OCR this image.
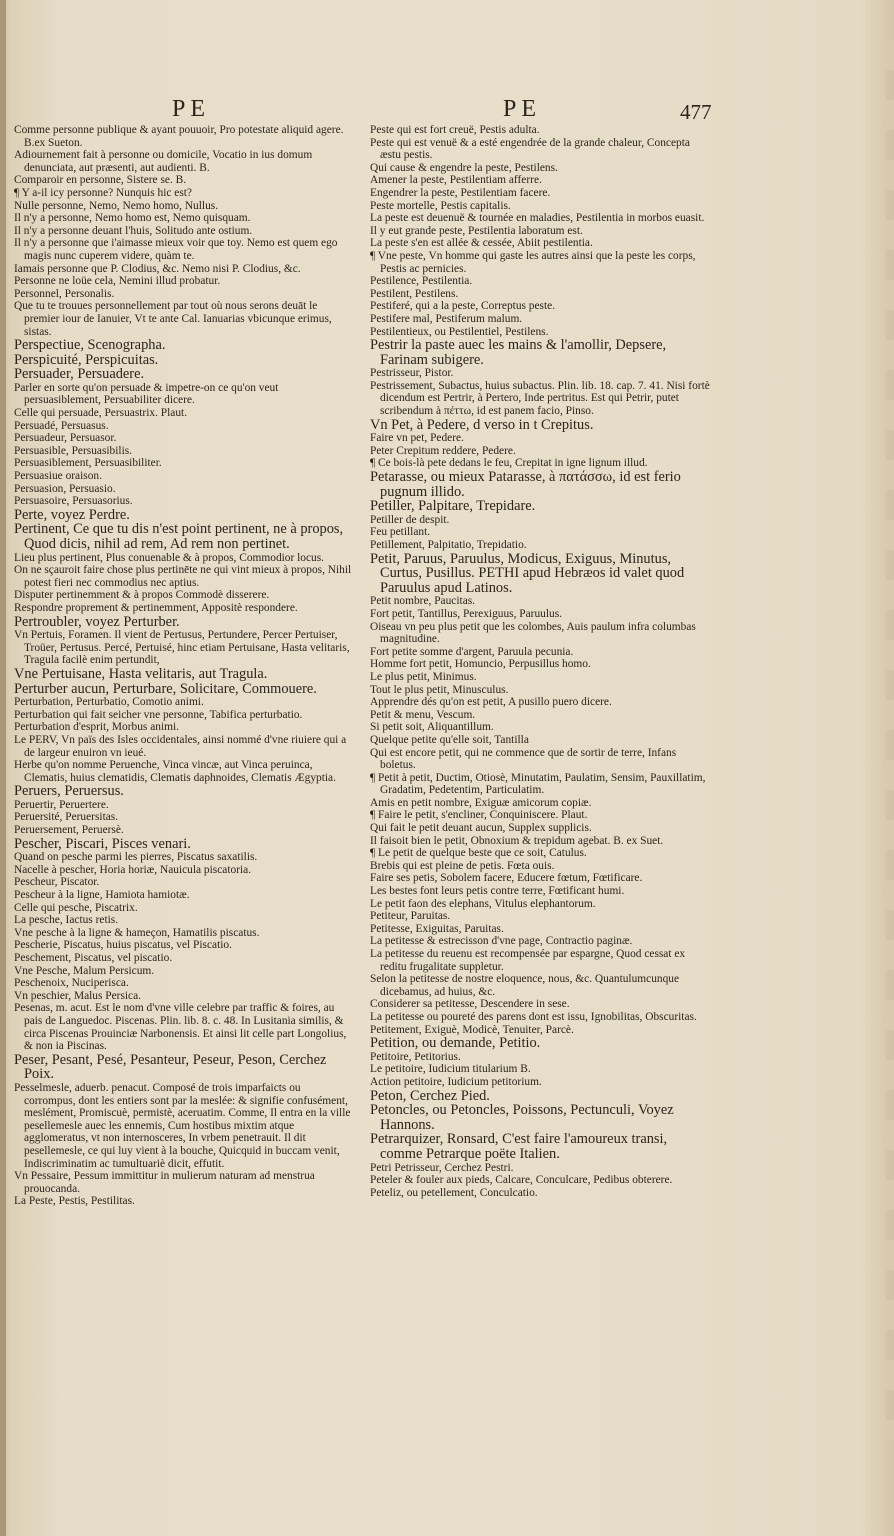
PE	PE	477

Comme personne publique & ayant pouuoir, Pro potestate aliquid agere. B.ex Sueton.

Adiournement fait à personne ou domicile, Vocatio in ius domum denunciata, aut præsenti, aut audienti. B.

Comparoir en personne, Sistere se. B.

¶ Y a-il icy personne? Nunquis hic est?

Nulle personne, Nemo, Nemo homo, Nullus.

Il n'y a personne, Nemo homo est, Nemo quisquam.

Il n'y a personne deuant l'huis, Solitudo ante ostium.

Il n'y a personne que i'aimasse mieux voir que toy. Nemo est quem ego magis nunc cuperem videre, quàm te.

Iamais personne que P. Clodius, &c. Nemo nisi P. Clodius, &c.

Personne ne loüe cela, Nemini illud probatur.

Personnel, Personalis.

Que tu te trouues personnellement par tout où nous serons deuāt le premier iour de Ianuier, Vt te ante Cal. Ianuarias vbicunque erimus, sistas.

Perspectiue, Scenographa.

Perspicuité, Perspicuitas.

Persuader, Persuadere.

Parler en sorte qu'on persuade & impetre-on ce qu'on veut persuasiblement, Persuabiliter dicere.

Celle qui persuade, Persuastrix. Plaut.

Persuadé, Persuasus.

Persuadeur, Persuasor.

Persuasible, Persuasibilis.

Persuasiblement, Persuasibiliter.

Persuasiue oraison.

Persuasion, Persuasio.

Persuasoire, Persuasorius.

Perte, voyez Perdre.

Pertinent, Ce que tu dis n'est point pertinent, ne à propos, Quod dicis, nihil ad rem, Ad rem non pertinet.

Lieu plus pertinent, Plus conuenable & à propos, Commodior locus.

On ne sçauroit faire chose plus pertinēte ne qui vint mieux à propos, Nihil potest fieri nec commodius nec aptius.

Disputer pertinemment & à propos Commodè disserere.

Respondre proprement & pertinemment, Appositè respondere.

Pertroubler, voyez Perturber.

Vn Pertuis, Foramen. Il vient de Pertusus, Pertundere, Percer Pertuiser, Troüer, Pertusus. Percé, Pertuisé, hinc etiam Pertuisane, Hasta velitaris, Tragula facilè enim pertundit,

Vne Pertuisane, Hasta velitaris, aut Tragula.

Perturber aucun, Perturbare, Solicitare, Commouere.

Perturbation, Perturbatio, Comotio animi.

Perturbation qui fait seicher vne personne, Tabifica perturbatio.

Perturbation d'esprit, Morbus animi.

Le PERV, Vn païs des Isles occidentales, ainsi nommé d'vne riuiere qui a de largeur enuiron vn ieué.

Herbe qu'on nomme Peruenche, Vinca vincæ, aut Vinca peruinca, Clematis, huius clematidis, Clematis daphnoides, Clematis Ægyptia.

Peruers, Peruersus.

Peruertir, Peruertere.

Peruersité, Peruersitas.

Peruersement, Peruersè.

Pescher, Piscari, Pisces venari.

Quand on pesche parmi les pierres, Piscatus saxatilis.

Nacelle à pescher, Horia horiæ, Nauicula piscatoria.

Pescheur, Piscator.

Pescheur à la ligne, Hamiota hamiotæ.

Celle qui pesche, Piscatrix.

La pesche, Iactus retis.

Vne pesche à la ligne & hameçon, Hamatilis piscatus.

Pescherie, Piscatus, huius piscatus, vel Piscatio.

Peschement, Piscatus, vel piscatio.

Vne Pesche, Malum Persicum.

Peschenoix, Nuciperisca.

Vn peschier, Malus Persica.

Pesenas, m. acut. Est le nom d'vne ville celebre par traffic & foires, au pais de Languedoc. Piscenas. Plin. lib. 8. c. 48. In Lusitania similis, & circa Piscenas Prouinciæ Narbonensis. Et ainsi lit celle part Longolius, & non ia Piscinas.

Peser, Pesant, Pesé, Pesanteur, Peseur, Peson, Cerchez Poix.

Pesselmesle, aduerb. penacut. Composé de trois imparfaicts ou corrompus, dont les entiers sont par la meslée: & signifie confusément, meslément, Promiscuè, permistè, aceruatim. Comme, Il entra en la ville pesellemesle auec les ennemis, Cum hostibus mixtim atque agglomeratus, vt non internosceres, In vrbem penetrauit. Il dit pesellemesle, ce qui luy vient à la bouche, Quicquid in buccam venit, Indiscriminatim ac tumultuariè dicit, effutit.

Vn Pessaire, Pessum immittitur in mulierum naturam ad menstrua prouocanda.

La Peste, Pestis, Pestilitas.

Peste qui est fort creuë, Pestis adulta.

Peste qui est venuë & a esté engendrée de la grande chaleur, Concepta æstu pestis.

Qui cause & engendre la peste, Pestilens.

Amener la peste, Pestilentiam afferre.

Engendrer la peste, Pestilentiam facere.

Peste mortelle, Pestis capitalis.

La peste est deuenuë & tournée en maladies, Pestilentia in morbos euasit.

Il y eut grande peste, Pestilentia laboratum est.

La peste s'en est allée & cessée, Abiit pestilentia.

¶ Vne peste, Vn homme qui gaste les autres ainsi que la peste les corps, Pestis ac pernicies.

Pestilence, Pestilentia.

Pestilent, Pestilens.

Pestiferé, qui a la peste, Correptus peste.

Pestifere mal, Pestiferum malum.

Pestilentieux, ou Pestilentiel, Pestilens.

Pestrir la paste auec les mains & l'amollir, Depsere, Farinam subigere.

Pestrisseur, Pistor.

Pestrissement, Subactus, huius subactus. Plin. lib. 18. cap. 7. 41. Nisi fortè dicendum est Pertrir, à Pertero, Inde pertritus. Est qui Petrir, putet scribendum à πέττω, id est panem facio, Pinso.

Vn Pet, à Pedere, d verso in t Crepitus.

Faire vn pet, Pedere.

Peter Crepitum reddere, Pedere.

¶ Ce bois-là pete dedans le feu, Crepitat in igne lignum illud.

Petarasse, ou mieux Patarasse, à πατάσσω, id est ferio pugnum illido.

Petiller, Palpitare, Trepidare.

Petiller de despit.

Feu petillant.

Petillement, Palpitatio, Trepidatio.

Petit, Paruus, Paruulus, Modicus, Exiguus, Minutus, Curtus, Pusillus. PETHI apud Hebræos id valet quod Paruulus apud Latinos.

Petit nombre, Paucitas.

Fort petit, Tantillus, Perexiguus, Paruulus.

Oiseau vn peu plus petit que les colombes, Auis paulum infra columbas magnitudine.

Fort petite somme d'argent, Paruula pecunia.

Homme fort petit, Homuncio, Perpusillus homo.

Le plus petit, Minimus.

Tout le plus petit, Minusculus.

Apprendre dés qu'on est petit, A pusillo puero dicere.

Petit & menu, Vescum.

Si petit soit, Aliquantillum.

Quelque petite qu'elle soit, Tantilla

Qui est encore petit, qui ne commence que de sortir de terre, Infans boletus.

¶ Petit à petit, Ductim, Otiosè, Minutatim, Paulatim, Sensim, Pauxillatim, Gradatim, Pedetentim, Particulatim.

Amis en petit nombre, Exiguæ amicorum copiæ.

¶ Faire le petit, s'encliner, Conquiniscere. Plaut.

Qui fait le petit deuant aucun, Supplex supplicis.

Il faisoit bien le petit, Obnoxium & trepidum agebat. B. ex Suet.

¶ Le petit de quelque beste que ce soit, Catulus.

Brebis qui est pleine de petis. Fœta ouis.

Faire ses petis, Sobolem facere, Educere fœtum, Fœtificare.

Les bestes font leurs petis contre terre, Fœtificant humi.

Le petit faon des elephans, Vitulus elephantorum.

Petiteur, Paruitas.

Petitesse, Exiguitas, Paruitas.

La petitesse & estrecisson d'vne page, Contractio paginæ.

La petitesse du reuenu est recompensée par espargne, Quod cessat ex reditu frugalitate suppletur.

Selon la petitesse de nostre eloquence, nous, &c. Quantulumcunque dicebamus, ad huius, &c.

Considerer sa petitesse, Descendere in sese.

La petitesse ou poureté des parens dont est issu, Ignobilitas, Obscuritas.

Petitement, Exiguè, Modicè, Tenuiter, Parcè.

Petition, ou demande, Petitio.

Petitoire, Petitorius.

Le petitoire, Iudicium titularium B.

Action petitoire, Iudicium petitorium.

Peton, Cerchez Pied.

Petoncles, ou Petoncles, Poissons, Pectunculi, Voyez Hannons.

Petrarquizer, Ronsard, C'est faire l'amoureux transi, comme Petrarque poëte Italien.

Petri Petrisseur, Cerchez Pestri.

Peteler & fouler aux pieds, Calcare, Conculcare, Pedibus obterere.

Peteliz, ou petellement, Conculcatio.
